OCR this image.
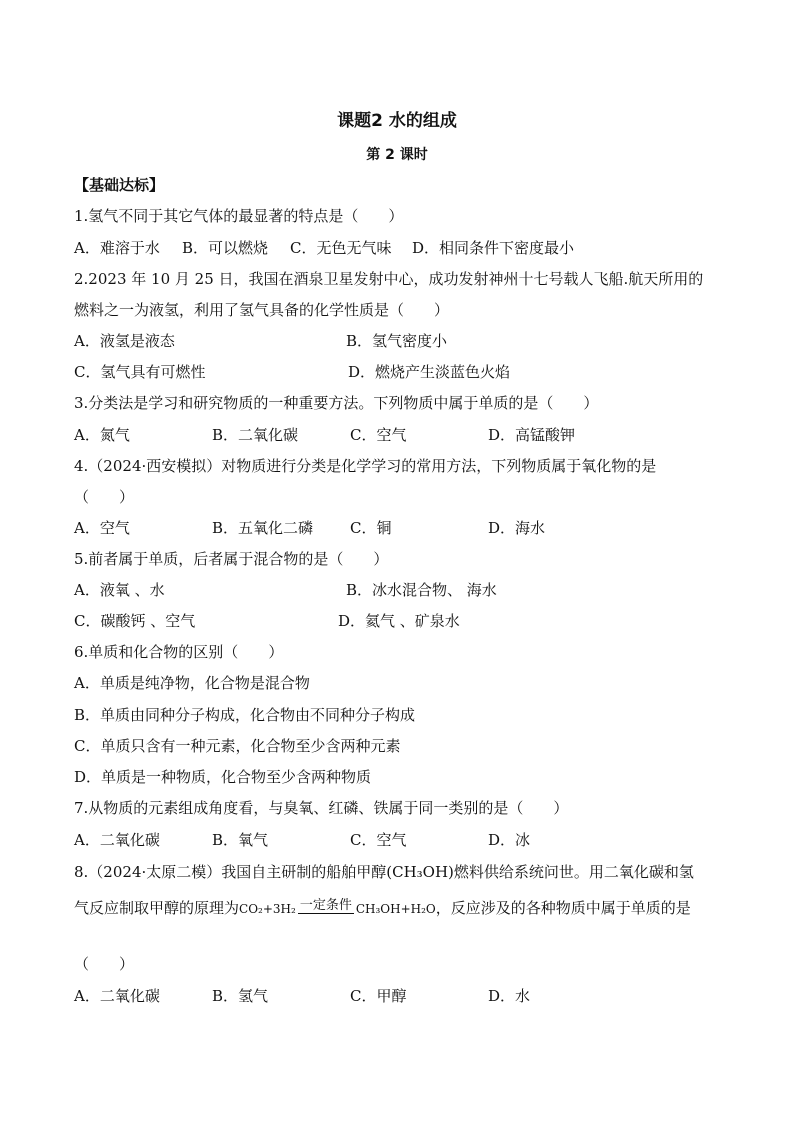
课题2 水的组成
第 2 课时
【基础达标】
1.氢气不同于其它气体的最显著的特点是（　　）
A．难溶于水 B．可以燃烧 C．无色无气味 D．相同条件下密度最小
2.2023 年 10 月 25 日，我国在酒泉卫星发射中心，成功发射神州十七号载人飞船.航天所用的
燃料之一为液氢，利用了氢气具备的化学性质是（　　）
A．液氢是液态	B．氢气密度小
C．氢气具有可燃性	D．燃烧产生淡蓝色火焰
3.分类法是学习和研究物质的一种重要方法。下列物质中属于单质的是（　　）
A．氮气	B．二氧化碳	C．空气	D．高锰酸钾
4.（2024·西安模拟）对物质进行分类是化学学习的常用方法，下列物质属于氧化物的是
（　　）
A．空气	B．五氧化二磷 C．铜	D．海水
5.前者属于单质，后者属于混合物的是（　　）
A．液氧 、水	B．冰水混合物、 海水
C．碳酸钙 、空气	D．氦气 、矿泉水
6.单质和化合物的区别（　　）
A．单质是纯净物，化合物是混合物
B．单质由同种分子构成，化合物由不同种分子构成
C．单质只含有一种元素，化合物至少含两种元素
D．单质是一种物质，化合物至少含两种物质
7.从物质的元素组成角度看，与臭氧、红磷、铁属于同一类别的是（　　）
A．二氧化碳	B．氧气	C．空气	D．冰
8.（2024·太原二模）我国自主研制的船舶甲醇(CH₃OH)燃料供给系统问世。用二氧化碳和氢
气反应制取甲醇的原理为CO₂+3H₂ 一定条件 CH₃OH+H₂O，反应涉及的各种物质中属于单质的是
（　　）
A．二氧化碳	B．氢气	C．甲醇	D．水
